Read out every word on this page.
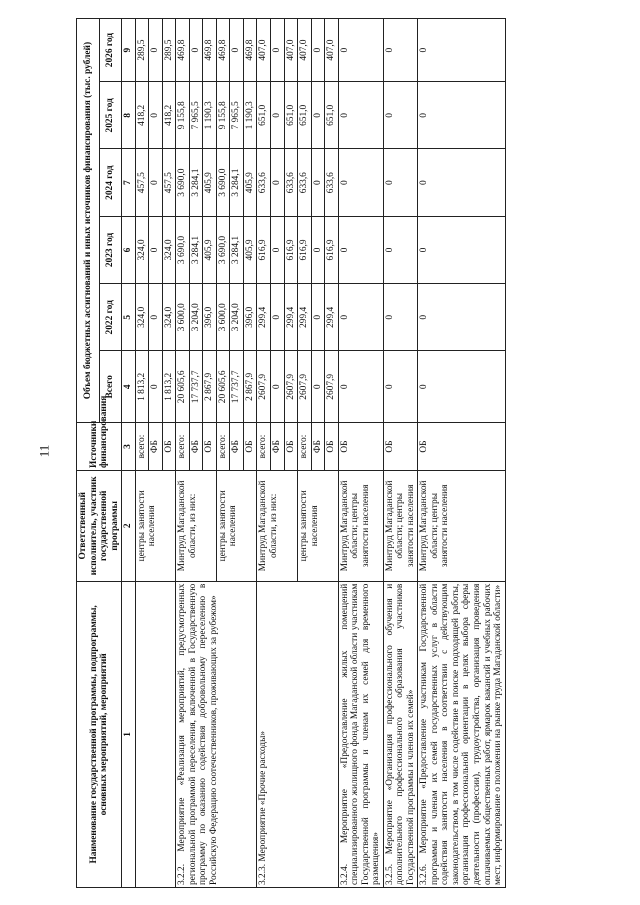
11
Наименование государственной программы, подпрограммы, основных мероприятий, мероприятий	Ответственный исполнитель, участник государственной программы	Источники финансирования	Объем бюджетных ассигнований и иных источников финансирования (тыс. рублей)					
			Всего	2022 год	2023 год	2024 год	2025 год	2026 год
1	2	3	4	5	6	7	8	9
	центры занятости населения	всего:	1 813,2	324,0	324,0	457,5	418,2	289,5
		ФБ	0	0	0	0	0	0
		ОБ	1 813,2	324,0	324,0	457,5	418,2	289,5
3.2.2. Мероприятие «Реализация мероприятий, предусмотренных региональной программой переселения, включенной в Государственную программу по оказанию содействия добровольному переселению в Российскую Федерацию соотечественников, проживающих за рубежом»	Минтруд Магаданской области, из них:	всего:	20 605,6	3 600,0	3 690,0	3 690,0	9 155,8	469,8
		ФБ	17 737,7	3 204,0	3 284,1	3 284,1	7 965,5	0
		ОБ	2 867,9	396,0	405,9	405,9	1 190,3	469,8
	центры занятости населения	всего:	20 605,6	3 600,0	3 690,0	3 690,0	9 155,8	469,8
		ФБ	17 737,7	3 204,0	3 284,1	3 284,1	7 965,5	0
		ОБ	2 867,9	396,0	405,9	405,9	1 190,3	469,8
3.2.3. Мероприятие «Прочие расходы»	Минтруд Магаданской области, из них:	всего:	2607,9	299,4	616,9	633,6	651,0	407,0
		ФБ	0	0	0	0	0	0
		ОБ	2607,9	299,4	616,9	633,6	651,0	407,0
	центры занятости населения	всего:	2607,9	299,4	616,9	633,6	651,0	407,0
		ФБ	0	0	0	0	0	0
		ОБ	2607,9	299,4	616,9	633,6	651,0	407,0
3.2.4. Мероприятие «Предоставление жилых помещений специализированного жилищного фонда Магаданской области участникам Государственной программы и членам их семей для временного размещения»	Минтруд Магаданской области; центры занятости населения	ОБ	0	0	0	0	0	0
3.2.5. Мероприятие «Организация профессионального обучения и дополнительного профессионального образования участников Государственной программы и членов их семей»	Минтруд Магаданской области; центры занятости населения	ОБ	0	0	0	0	0	0
3.2.6. Мероприятие «Предоставление участникам Государственной программы и членам их семей государственных услуг в области содействия занятости населения в соответствии с действующим законодательством, в том числе содействие в поиске подходящей работы, организация профессиональной ориентации в целях выбора сферы деятельности (профессии), трудоустройства, организация проведения оплачиваемых общественных работ, ярмарок вакансий и учебных рабочих мест, информирование о положении на рынке труда Магаданской области»	Минтруд Магаданской области; центры занятости населения	ОБ	0	0	0	0	0	0
